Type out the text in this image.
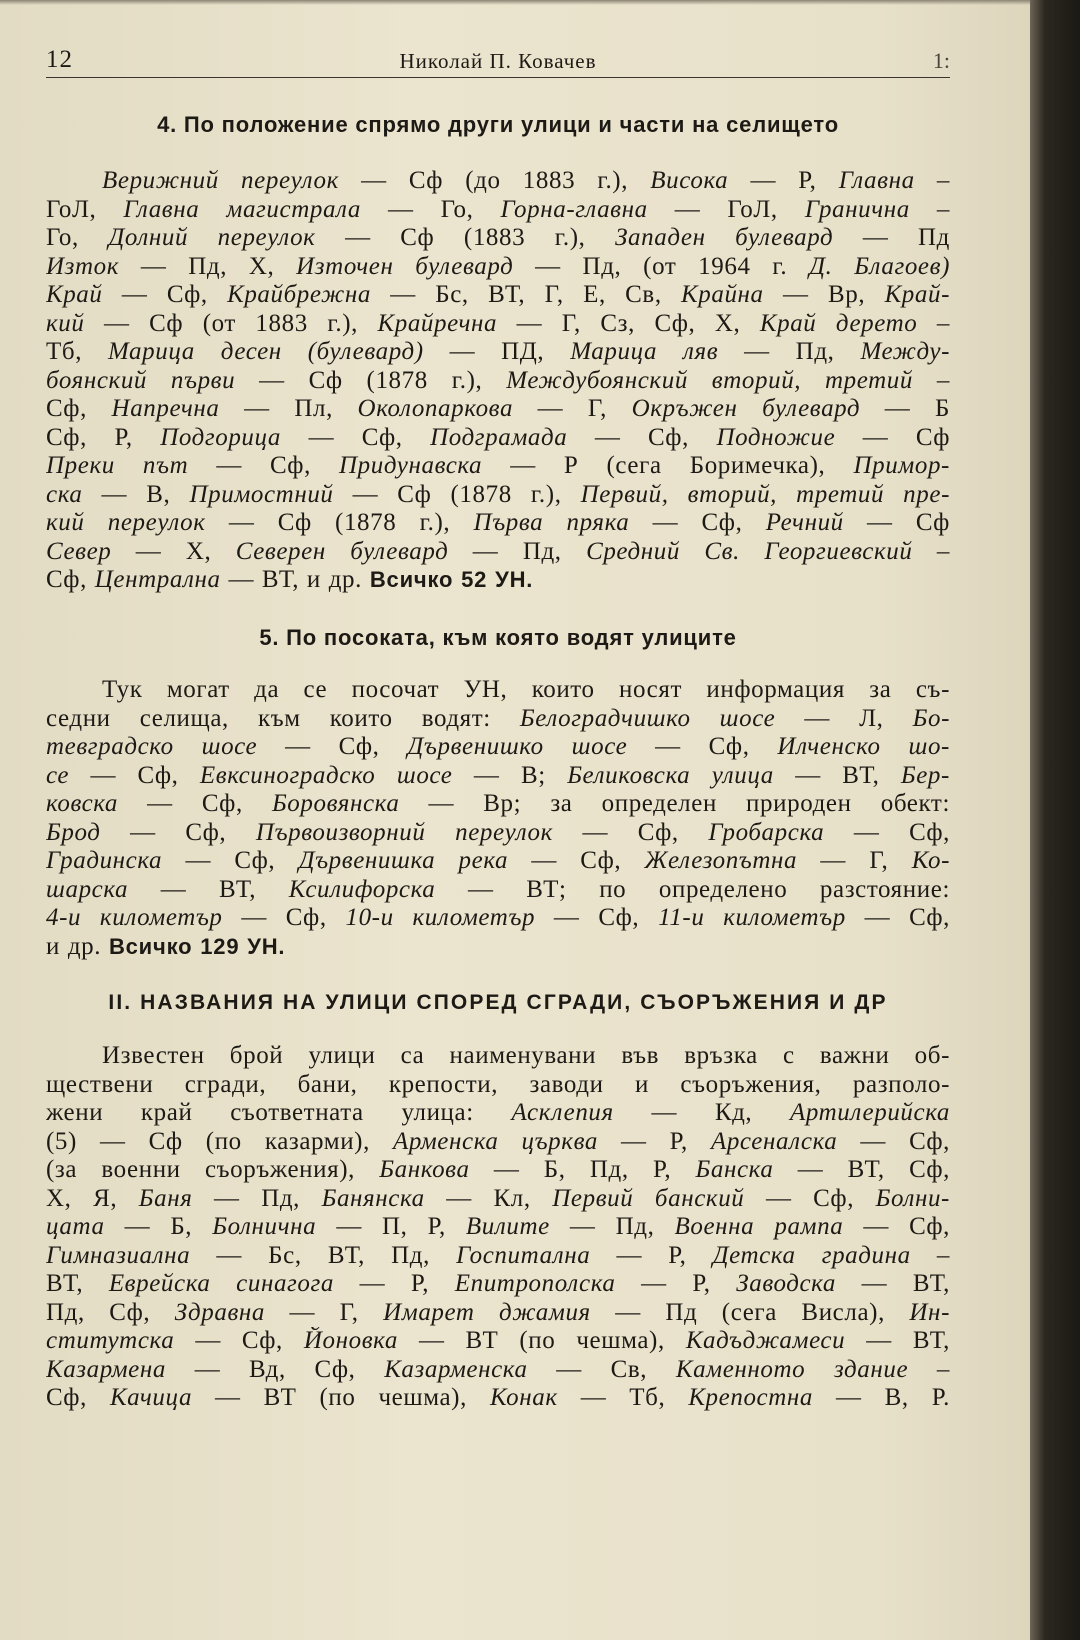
12	Николай П. Ковачев	1:
4. По положение спрямо други улици и части на селището
Верижний переулок — Сф (до 1883 г.), Висока — Р, Главна –
ГоЛ, Главна магистрала — Го, Горна-главна — ГоЛ, Гранична –
Го, Долний переулок — Сф (1883 г.), Западен булевард — Пд
Изток — Пд, Х, Източен булевард — Пд, (от 1964 г. Д. Благоев)
Край — Сф, Крайбрежна — Бс, ВТ, Г, Е, Св, Крайна — Вр, Край-
кий — Сф (от 1883 г.), Крайречна — Г, Сз, Сф, Х, Край дерето –
Тб, Марица десен (булевард) — ПД, Марица ляв — Пд, Между-
боянский първи — Сф (1878 г.), Междубоянский вторий, третий –
Сф, Напречна — Пл, Околопаркова — Г, Окръжен булевард — Б
Сф, Р, Подгорица — Сф, Подграмада — Сф, Подножие — Сф
Преки път — Сф, Придунавска — Р (сега Боримечка), Примор-
ска — В, Примостний — Сф (1878 г.), Первий, вторий, третий пре-
кий переулок — Сф (1878 г.), Първа пряка — Сф, Речний — Сф
Север — Х, Северен булевард — Пд, Средний Св. Георгиевский –
Сф, Централна — ВТ, и др. Всичко 52 УН.
5. По посоката, към която водят улиците
Тук могат да се посочат УН, които носят информация за съ-
седни селища, към които водят: Белоградчишко шосе — Л, Бо-
тевградско шосе — Сф, Дървенишко шосе — Сф, Илченско шо-
се — Сф, Евксиноградско шосе — В; Беликовска улица — ВТ, Бер-
ковска — Сф, Боровянска — Вр; за определен природен обект:
Брод — Сф, Първоизворний переулок — Сф, Гробарска — Сф,
Градинска — Сф, Дървенишка река — Сф, Железопътна — Г, Ко-
шарска — ВТ, Ксилифорска — ВТ; по определено разстояние:
4-и километър — Сф, 10-и километър — Сф, 11-и километър — Сф,
и др. Всичко 129 УН.
II. НАЗВАНИЯ НА УЛИЦИ СПОРЕД СГРАДИ, СЪОРЪЖЕНИЯ И ДР
Известен брой улици са наименувани във връзка с важни об-
ществени сгради, бани, крепости, заводи и съоръжения, разполо-
жени край съответната улица: Асклепия — Кд, Артилерийска
(5) — Сф (по казарми), Арменска църква — Р, Арсеналска — Сф,
(за военни съоръжения), Банкова — Б, Пд, Р, Банска — ВТ, Сф,
Х, Я, Баня — Пд, Банянска — Кл, Первий банский — Сф, Болни-
цата — Б, Болнична — П, Р, Вилите — Пд, Военна рампа — Сф,
Гимназиална — Бс, ВТ, Пд, Госпитална — Р, Детска градина –
ВТ, Еврейска синагога — Р, Епитрополска — Р, Заводска — ВТ,
Пд, Сф, Здравна — Г, Имарет джамия — Пд (сега Висла), Ин-
ститутска — Сф, Йоновка — ВТ (по чешма), Кадъджамеси — ВТ,
Казармена — Вд, Сф, Казарменска — Св, Каменното здание –
Сф, Качица — ВТ (по чешма), Конак — Тб, Крепостна — В, Р.
